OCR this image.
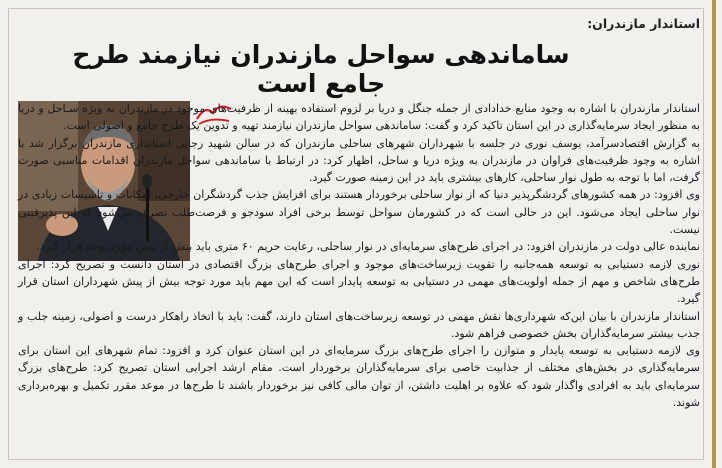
استاندار مازندران:
ساماندهی سواحل مازندران نیازمند طرح جامع است

استاندار مازندران با اشاره به وجود منابع خدادادی از جمله جنگل و دریا بر لزوم استفاده بهینه از ظرفیت‌های موجود در مازندران به ویژه سـاحل و دریا به منظور ایجاد سرمایه‌گذاری در این استان تاکید کرد و گفت: ساماندهی سواحل مازندران نیازمند تهیه و تدوین یک طرح جامع و اصولی است.

به گزارش اقتصادسرآمد، یوسف نوری در جلسه با شهرداران شهرهای ساحلی مازندران که در سالن شهید رجایی استانداری مازندران برگزار شد با اشاره به وجود ظرفیت‌های فراوان در مازندران به ویژه دریا و ساحل، اظهار کرد: در ارتباط با ساماندهی سواحل مازندران اقدامات مناسبی صورت گرفت، اما با توجه به طول نوار ساحلی، کارهای بیشتری باید در این زمینه صورت گیرد.

وی افزود: در همه کشورهای گردشگرپذیر دنیا که از نوار ساحلی برخوردار هستند برای افزایش جذب گردشگران خارجی، امکانات و تاسیسات زیادی در نوار ساحلی ایجاد می‌شود. این در حالی است که در کشورمان سواحل توسط برخی افراد سودجو و فرصت‌طلب تصرف می‌شود که این پذیرفتنی نیست.

نماینده عالی دولت در مازندران افزود: در اجرای طرح‌های سرمایه‌ای در نوار ساحلی، رعایت حریم ۶۰ متری باید بیش از پیش مورد توجه قرار گیرد.

نوری لازمه دستیابی به توسعه همه‌جانبه را تقویت زیرساخت‌های موجود و اجرای طرح‌های بزرگ اقتصادی در استان دانست و تصریح کرد: اجرای طرح‌های شاخص و مهم از جمله اولویت‌های مهمی در دستیابی به توسعه پایدار است که این مهم باید مورد توجه بیش از پیش شهرداران استان قرار گیرد.

استاندار مازندران با بیان این‌که شهرداری‌ها نقش مهمی در توسعه زیرساخت‌های استان دارند، گفت: باید با اتخاذ راهکار درست و اصولی، زمینه جلب و جذب بیشتر سرمایه‌گذاران بخش خصوصی فراهم شود.

وی لازمه دستیابی به توسعه پایدار و متوازن را اجرای طرح‌های بزرگ سرمایه‌ای در این استان عنوان کرد و افزود: تمام شهرهای این استان برای سرمایه‌گذاری در بخش‌های مختلف از جذابیت خاصی برای سرمایه‌گذاران برخوردار است. مقام ارشد اجرایی استان تصریح کرد: طرح‌های بزرگ سرمایه‌ای باید به افرادی واگذار شود که علاوه بر اهلیت داشتن، از توان مالی کافی نیز برخوردار باشند تا طرح‌ها در موعد مقرر تکمیل و بهره‌برداری شوند.
